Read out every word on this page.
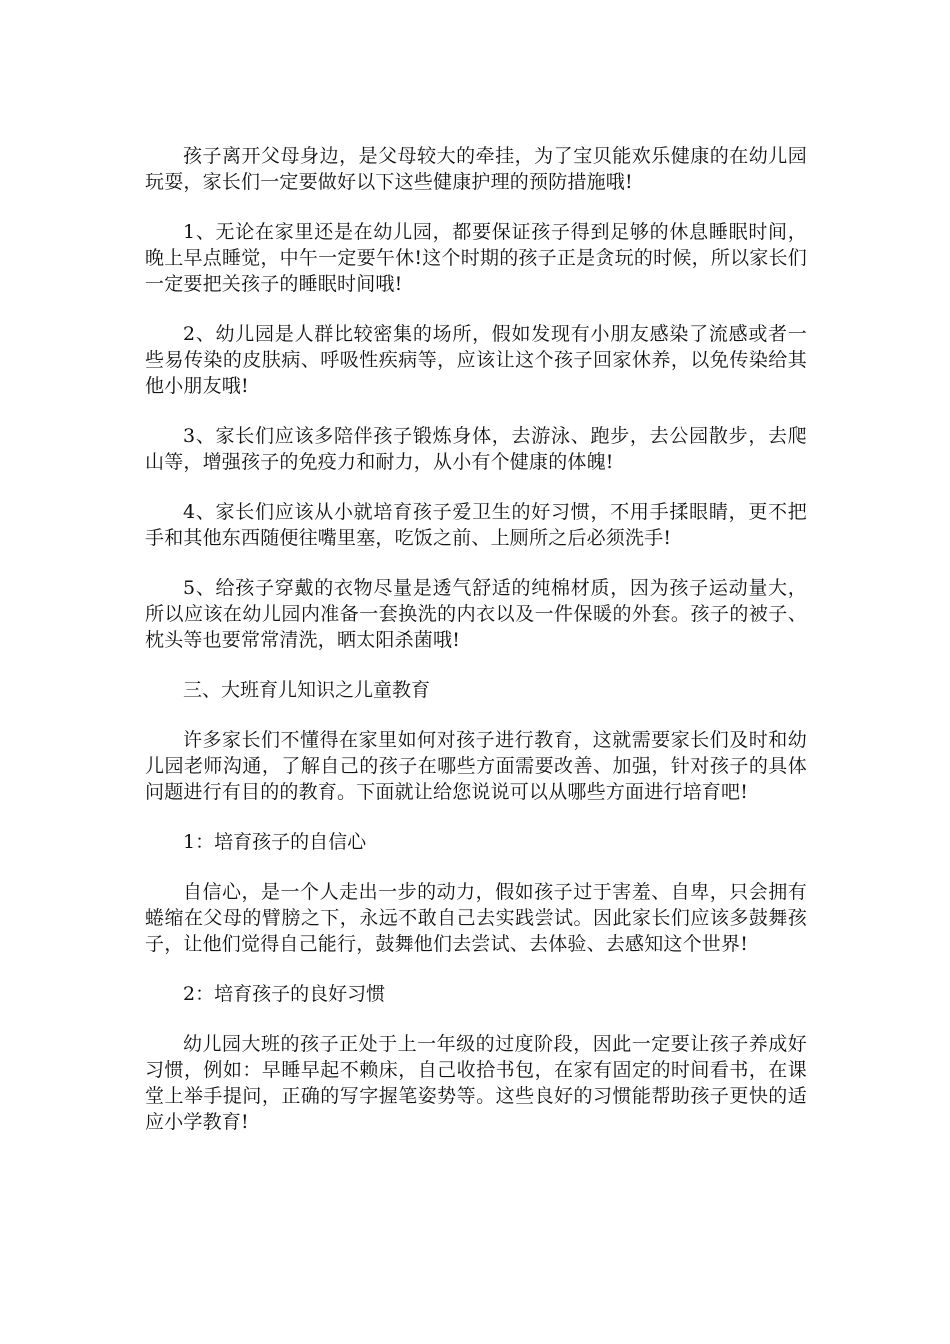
孩子离开父母身边，是父母较大的牵挂，为了宝贝能欢乐健康的在幼儿园玩耍，家长们一定要做好以下这些健康护理的预防措施哦!

1、无论在家里还是在幼儿园，都要保证孩子得到足够的休息睡眠时间，晚上早点睡觉，中午一定要午休!这个时期的孩子正是贪玩的时候，所以家长们一定要把关孩子的睡眠时间哦!

2、幼儿园是人群比较密集的场所，假如发现有小朋友感染了流感或者一些易传染的皮肤病、呼吸性疾病等，应该让这个孩子回家休养，以免传染给其他小朋友哦!

3、家长们应该多陪伴孩子锻炼身体，去游泳、跑步，去公园散步，去爬山等，增强孩子的免疫力和耐力，从小有个健康的体魄!

4、家长们应该从小就培育孩子爱卫生的好习惯，不用手揉眼睛，更不把手和其他东西随便往嘴里塞，吃饭之前、上厕所之后必须洗手!

5、给孩子穿戴的衣物尽量是透气舒适的纯棉材质，因为孩子运动量大，所以应该在幼儿园内准备一套换洗的内衣以及一件保暖的外套。孩子的被子、枕头等也要常常清洗，晒太阳杀菌哦!

三、大班育儿知识之儿童教育

许多家长们不懂得在家里如何对孩子进行教育，这就需要家长们及时和幼儿园老师沟通，了解自己的孩子在哪些方面需要改善、加强，针对孩子的具体问题进行有目的的教育。下面就让给您说说可以从哪些方面进行培育吧!

1：培育孩子的自信心

自信心，是一个人走出一步的动力，假如孩子过于害羞、自卑，只会拥有蜷缩在父母的臂膀之下，永远不敢自己去实践尝试。因此家长们应该多鼓舞孩子，让他们觉得自己能行，鼓舞他们去尝试、去体验、去感知这个世界!

2：培育孩子的良好习惯

幼儿园大班的孩子正处于上一年级的过度阶段，因此一定要让孩子养成好习惯，例如：早睡早起不赖床，自己收拾书包，在家有固定的时间看书，在课堂上举手提问，正确的写字握笔姿势等。这些良好的习惯能帮助孩子更快的适应小学教育!
